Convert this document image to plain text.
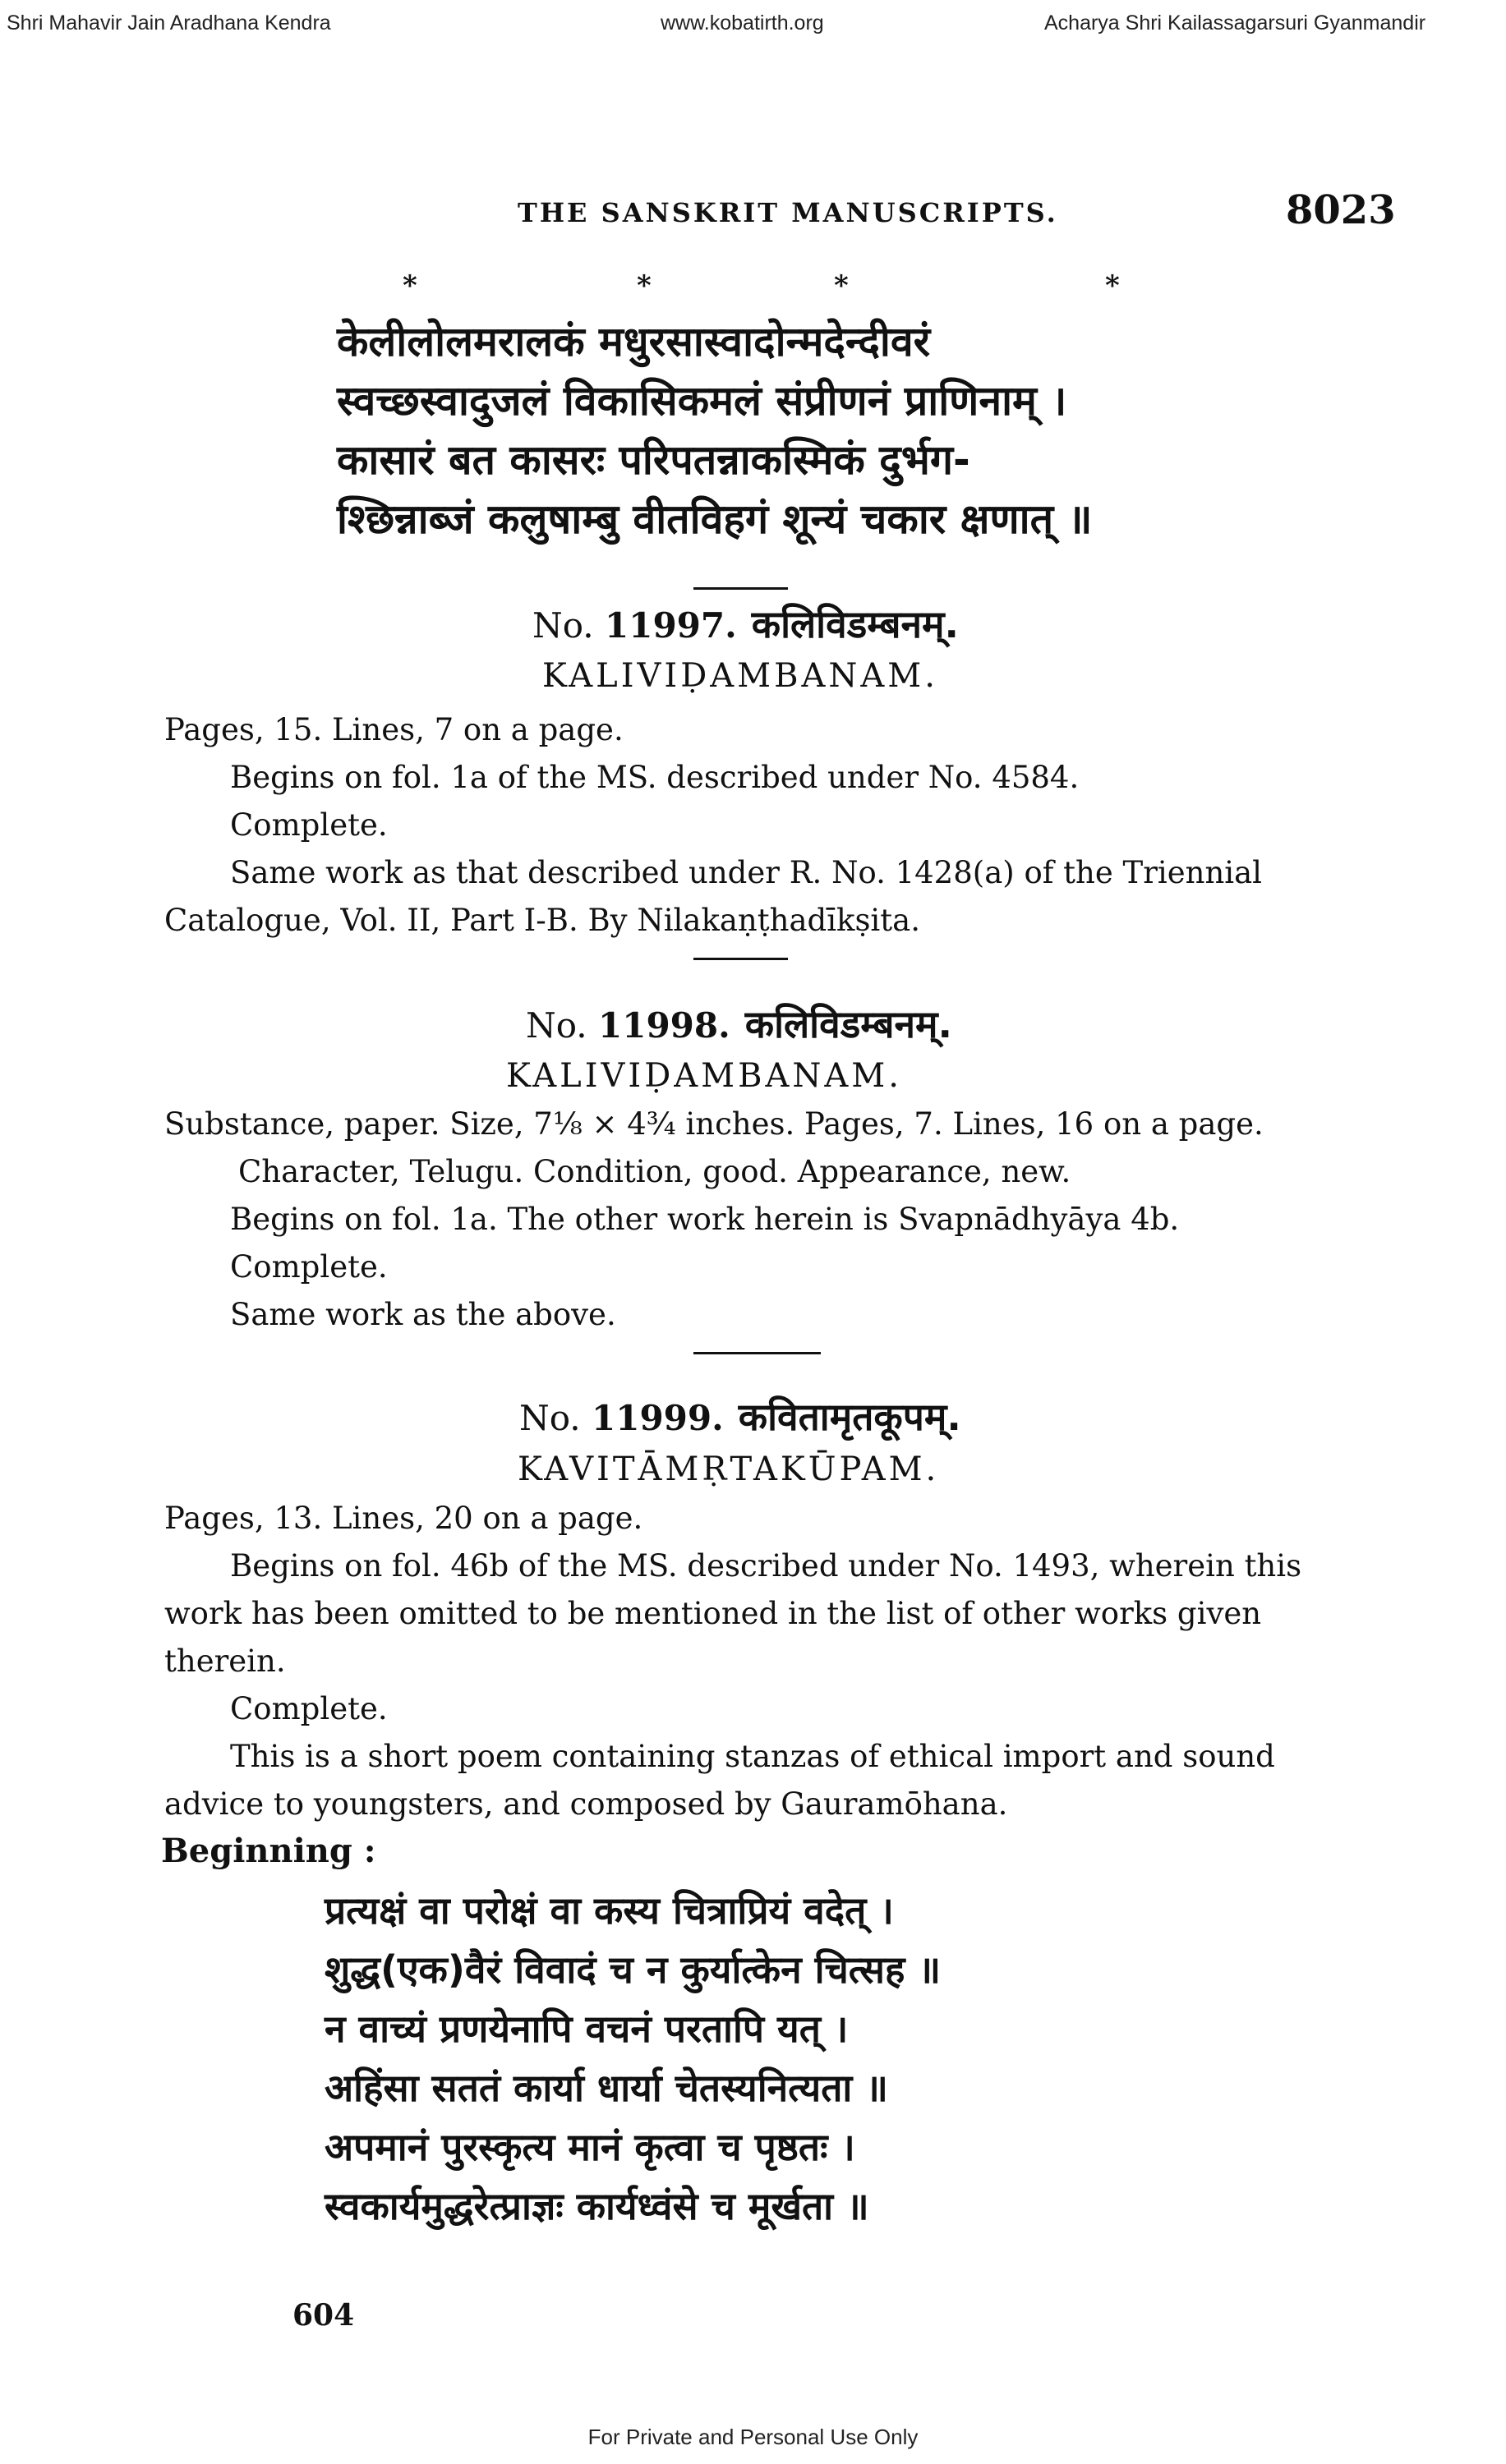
Shri Mahavir Jain Aradhana Kendra	www.kobatirth.org	Acharya Shri Kailassagarsuri Gyanmandir
THE SANSKRIT MANUSCRIPTS.	8023
*	*	*	*
केलीलोलमरालकं मधुरसास्वादोन्मदेन्दीवरं
स्वच्छस्वादुजलं विकासिकमलं संप्रीणनं प्राणिनाम् ।
कासारं बत कासरः परिपतन्नाकस्मिकं दुर्भग-
श्छिन्नाब्जं कलुषाम्बु वीतविहगं शून्यं चकार क्षणात् ॥
No. 11997. कलिविडम्बनम्.
KALIVIḌAMBANAM.

Pages, 15. Lines, 7 on a page.

Begins on fol. 1a of the MS. described under No. 4584.

Complete.

Same work as that described under R. No. 1428(a) of the Triennial Catalogue, Vol. II, Part I-B. By Nilakaṇṭhadīkṣita.

No. 11998. कलिविडम्बनम्.
KALIVIḌAMBANAM.

Substance, paper. Size, 7⅛ × 4¾ inches. Pages, 7. Lines, 16 on a page. Character, Telugu. Condition, good. Appearance, new.

Begins on fol. 1a. The other work herein is Svapnādhyāya 4b.

Complete.

Same work as the above.

No. 11999. कवितामृतकूपम्.
KAVITĀMṚTAKŪPAM.

Pages, 13. Lines, 20 on a page.

Begins on fol. 46b of the MS. described under No. 1493, wherein this work has been omitted to be mentioned in the list of other works given therein.

Complete.

This is a short poem containing stanzas of ethical import and sound advice to youngsters, and composed by Gauramōhana.

Beginning :
प्रत्यक्षं वा परोक्षं वा कस्य चित्राप्रियं वदेत् ।
शुद्ध(एक)वैरं विवादं च न कुर्यात्केन चित्सह ॥
न वाच्यं प्रणयेनापि वचनं परतापि यत् ।
अहिंसा सततं कार्या धार्या चेतस्यनित्यता ॥
अपमानं पुरस्कृत्य मानं कृत्वा च पृष्ठतः ।
स्वकार्यमुद्धरेत्प्राज्ञः कार्यध्वंसे च मूर्खता ॥
604
For Private and Personal Use Only
